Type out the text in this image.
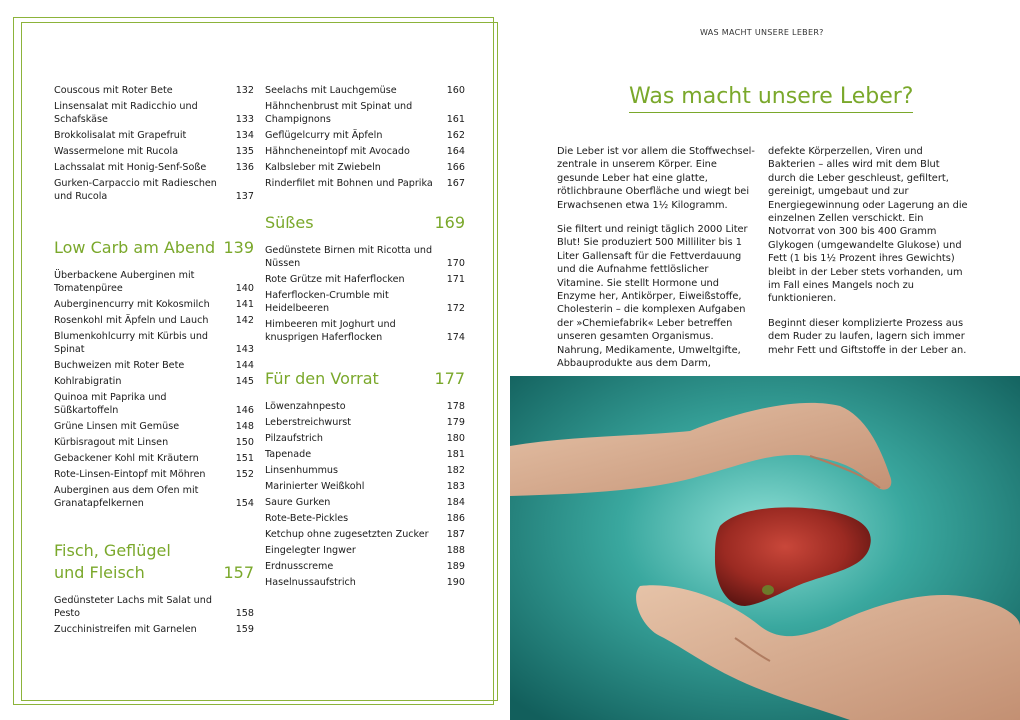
Couscous mit Roter Bete	132
Linsensalat mit Radicchio und Schafskäse	133
Brokkolisalat mit Grapefruit	134
Wassermelone mit Rucola	135
Lachssalat mit Honig-Senf-Soße	136
Gurken-Carpaccio mit Radieschen und Rucola	137
Low Carb am Abend 139
Überbackene Auberginen mit Tomatenpüree	140
Auberginencurry mit Kokosmilch	141
Rosenkohl mit Äpfeln und Lauch	142
Blumenkohlcurry mit Kürbis und Spinat	143
Buchweizen mit Roter Bete	144
Kohlrabigratin	145
Quinoa mit Paprika und Süßkartoffeln	146
Grüne Linsen mit Gemüse	148
Kürbisragout mit Linsen	150
Gebackener Kohl mit Kräutern	151
Rote-Linsen-Eintopf mit Möhren	152
Auberginen aus dem Ofen mit Granatapfelkernen	154
Fisch, Geflügel
und Fleisch	157
Gedünsteter Lachs mit Salat und Pesto	158
Zucchinistreifen mit Garnelen	159
Seelachs mit Lauchgemüse	160
Hähnchenbrust mit Spinat und Champignons	161
Geflügelcurry mit Äpfeln	162
Hähncheneintopf mit Avocado	164
Kalbsleber mit Zwiebeln	166
Rinderfilet mit Bohnen und Paprika	167
Süßes	169
Gedünstete Birnen mit Ricotta und Nüssen	170
Rote Grütze mit Haferflocken	171
Haferflocken-Crumble mit Heidelbeeren	172
Himbeeren mit Joghurt und knusprigen Haferflocken	174
Für den Vorrat	177
Löwenzahnpesto	178
Leberstreichwurst	179
Pilzaufstrich	180
Tapenade	181
Linsenhummus	182
Marinierter Weißkohl	183
Saure Gurken	184
Rote-Bete-Pickles	186
Ketchup ohne zugesetzten Zucker	187
Eingelegter Ingwer	188
Erdnusscreme	189
Haselnussaufstrich	190
WAS MACHT UNSERE LEBER?
Was macht unsere Leber?

Die Leber ist vor allem die Stoffwechsel-zentrale in unserem Körper. Eine gesunde Leber hat eine glatte, rötlichbraune Oberfläche und wiegt bei Erwachsenen etwa 1½ Kilogramm.

Sie filtert und reinigt täglich 2000 Liter Blut! Sie produziert 500 Milliliter bis 1 Liter Gallensaft für die Fettverdauung und die Aufnahme fettlöslicher Vitamine. Sie stellt Hormone und Enzyme her, Antikörper, Eiweißstoffe, Cholesterin – die komplexen Aufgaben der »Chemiefabrik« Leber betreffen unseren gesamten Organismus. Nahrung, Medikamente, Umweltgifte, Abbauprodukte aus dem Darm,

defekte Körperzellen, Viren und Bakterien – alles wird mit dem Blut durch die Leber geschleust, gefiltert, gereinigt, umgebaut und zur Energiegewinnung oder Lagerung an die einzelnen Zellen verschickt. Ein Notvorrat von 300 bis 400 Gramm Glykogen (umgewandelte Glukose) und Fett (1 bis 1½ Prozent ihres Gewichts) bleibt in der Leber stets vorhanden, um im Fall eines Mangels noch zu funktionieren.

Beginnt dieser komplizierte Prozess aus dem Ruder zu laufen, lagern sich immer mehr Fett und Giftstoffe in der Leber an.
